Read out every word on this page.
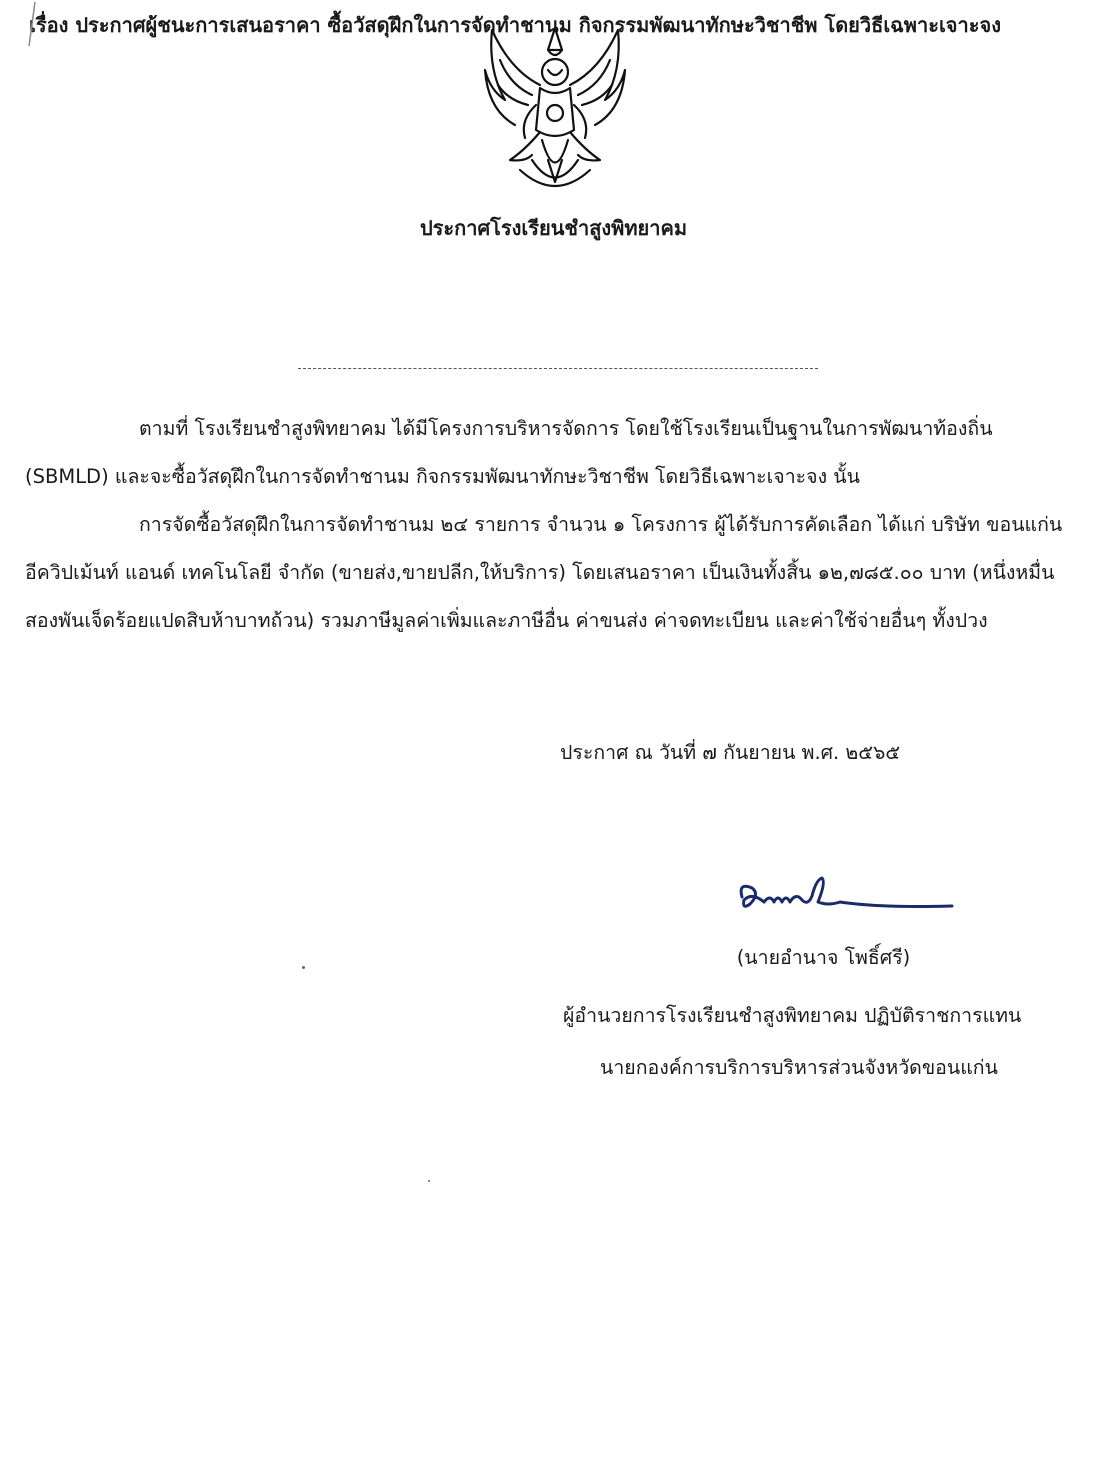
ประกาศโรงเรียนชำสูงพิทยาคม
เรื่อง ประกาศผู้ชนะการเสนอราคา ซื้อวัสดุฝึกในการจัดทำชานม กิจกรรมพัฒนาทักษะวิชาชีพ โดยวิธีเฉพาะเจาะจง

ตามที่ โรงเรียนชำสูงพิทยาคม ได้มีโครงการบริหารจัดการ โดยใช้โรงเรียนเป็นฐานในการพัฒนาท้องถิ่น (SBMLD) และจะซื้อวัสดุฝึกในการจัดทำชานม กิจกรรมพัฒนาทักษะวิชาชีพ โดยวิธีเฉพาะเจาะจง นั้น

การจัดซื้อวัสดุฝึกในการจัดทำชานม ๒๔ รายการ จำนวน ๑ โครงการ ผู้ได้รับการคัดเลือก ได้แก่ บริษัท ขอนแก่น อีควิปเม้นท์ แอนด์ เทคโนโลยี จำกัด (ขายส่ง,ขายปลีก,ให้บริการ) โดยเสนอราคา เป็นเงินทั้งสิ้น ๑๒,๗๘๕.๐๐ บาท (หนึ่งหมื่นสองพันเจ็ดร้อยแปดสิบห้าบาทถ้วน) รวมภาษีมูลค่าเพิ่มและภาษีอื่น ค่าขนส่ง ค่าจดทะเบียน และค่าใช้จ่ายอื่นๆ ทั้งปวง

ประกาศ ณ วันที่ ๗ กันยายน พ.ศ. ๒๕๖๕
(นายอำนาจ โพธิ์ศรี)
ผู้อำนวยการโรงเรียนชำสูงพิทยาคม ปฏิบัติราชการแทน
นายกองค์การบริการบริหารส่วนจังหวัดขอนแก่น
